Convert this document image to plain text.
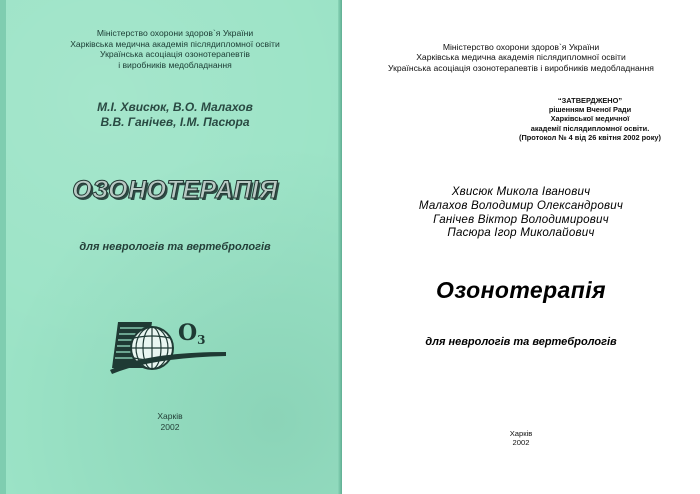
Міністерство охорони здоров`я України
Харківська медична академія післядипломної освіти
Українська асоціація озонотерапевтів
і виробників медобладнання
М.І. Хвисюк, В.О. Малахов
В.В. Ганічев, І.М. Пасюра
ОЗОНОТЕРАПІЯ
для неврологів та вертебрологів
O3
Харків
2002
Міністерство охорони здоров`я України
Харківська медична академія післядипломної освіти
Українська асоціація озонотерапевтів і виробників медобладнання
“ЗАТВЕРДЖЕНО”
рішенням Вченої Ради
Харківської медичної
академії післядипломної освіти.
(Протокол № 4 від 26 квітня 2002 року)
Хвисюк Микола Іванович
Малахов Володимир Олександрович
Ганічев Віктор Володимирович
Пасюра Ігор Миколайович
Озонотерапія
для неврологів та вертебрологів
Харків
2002
